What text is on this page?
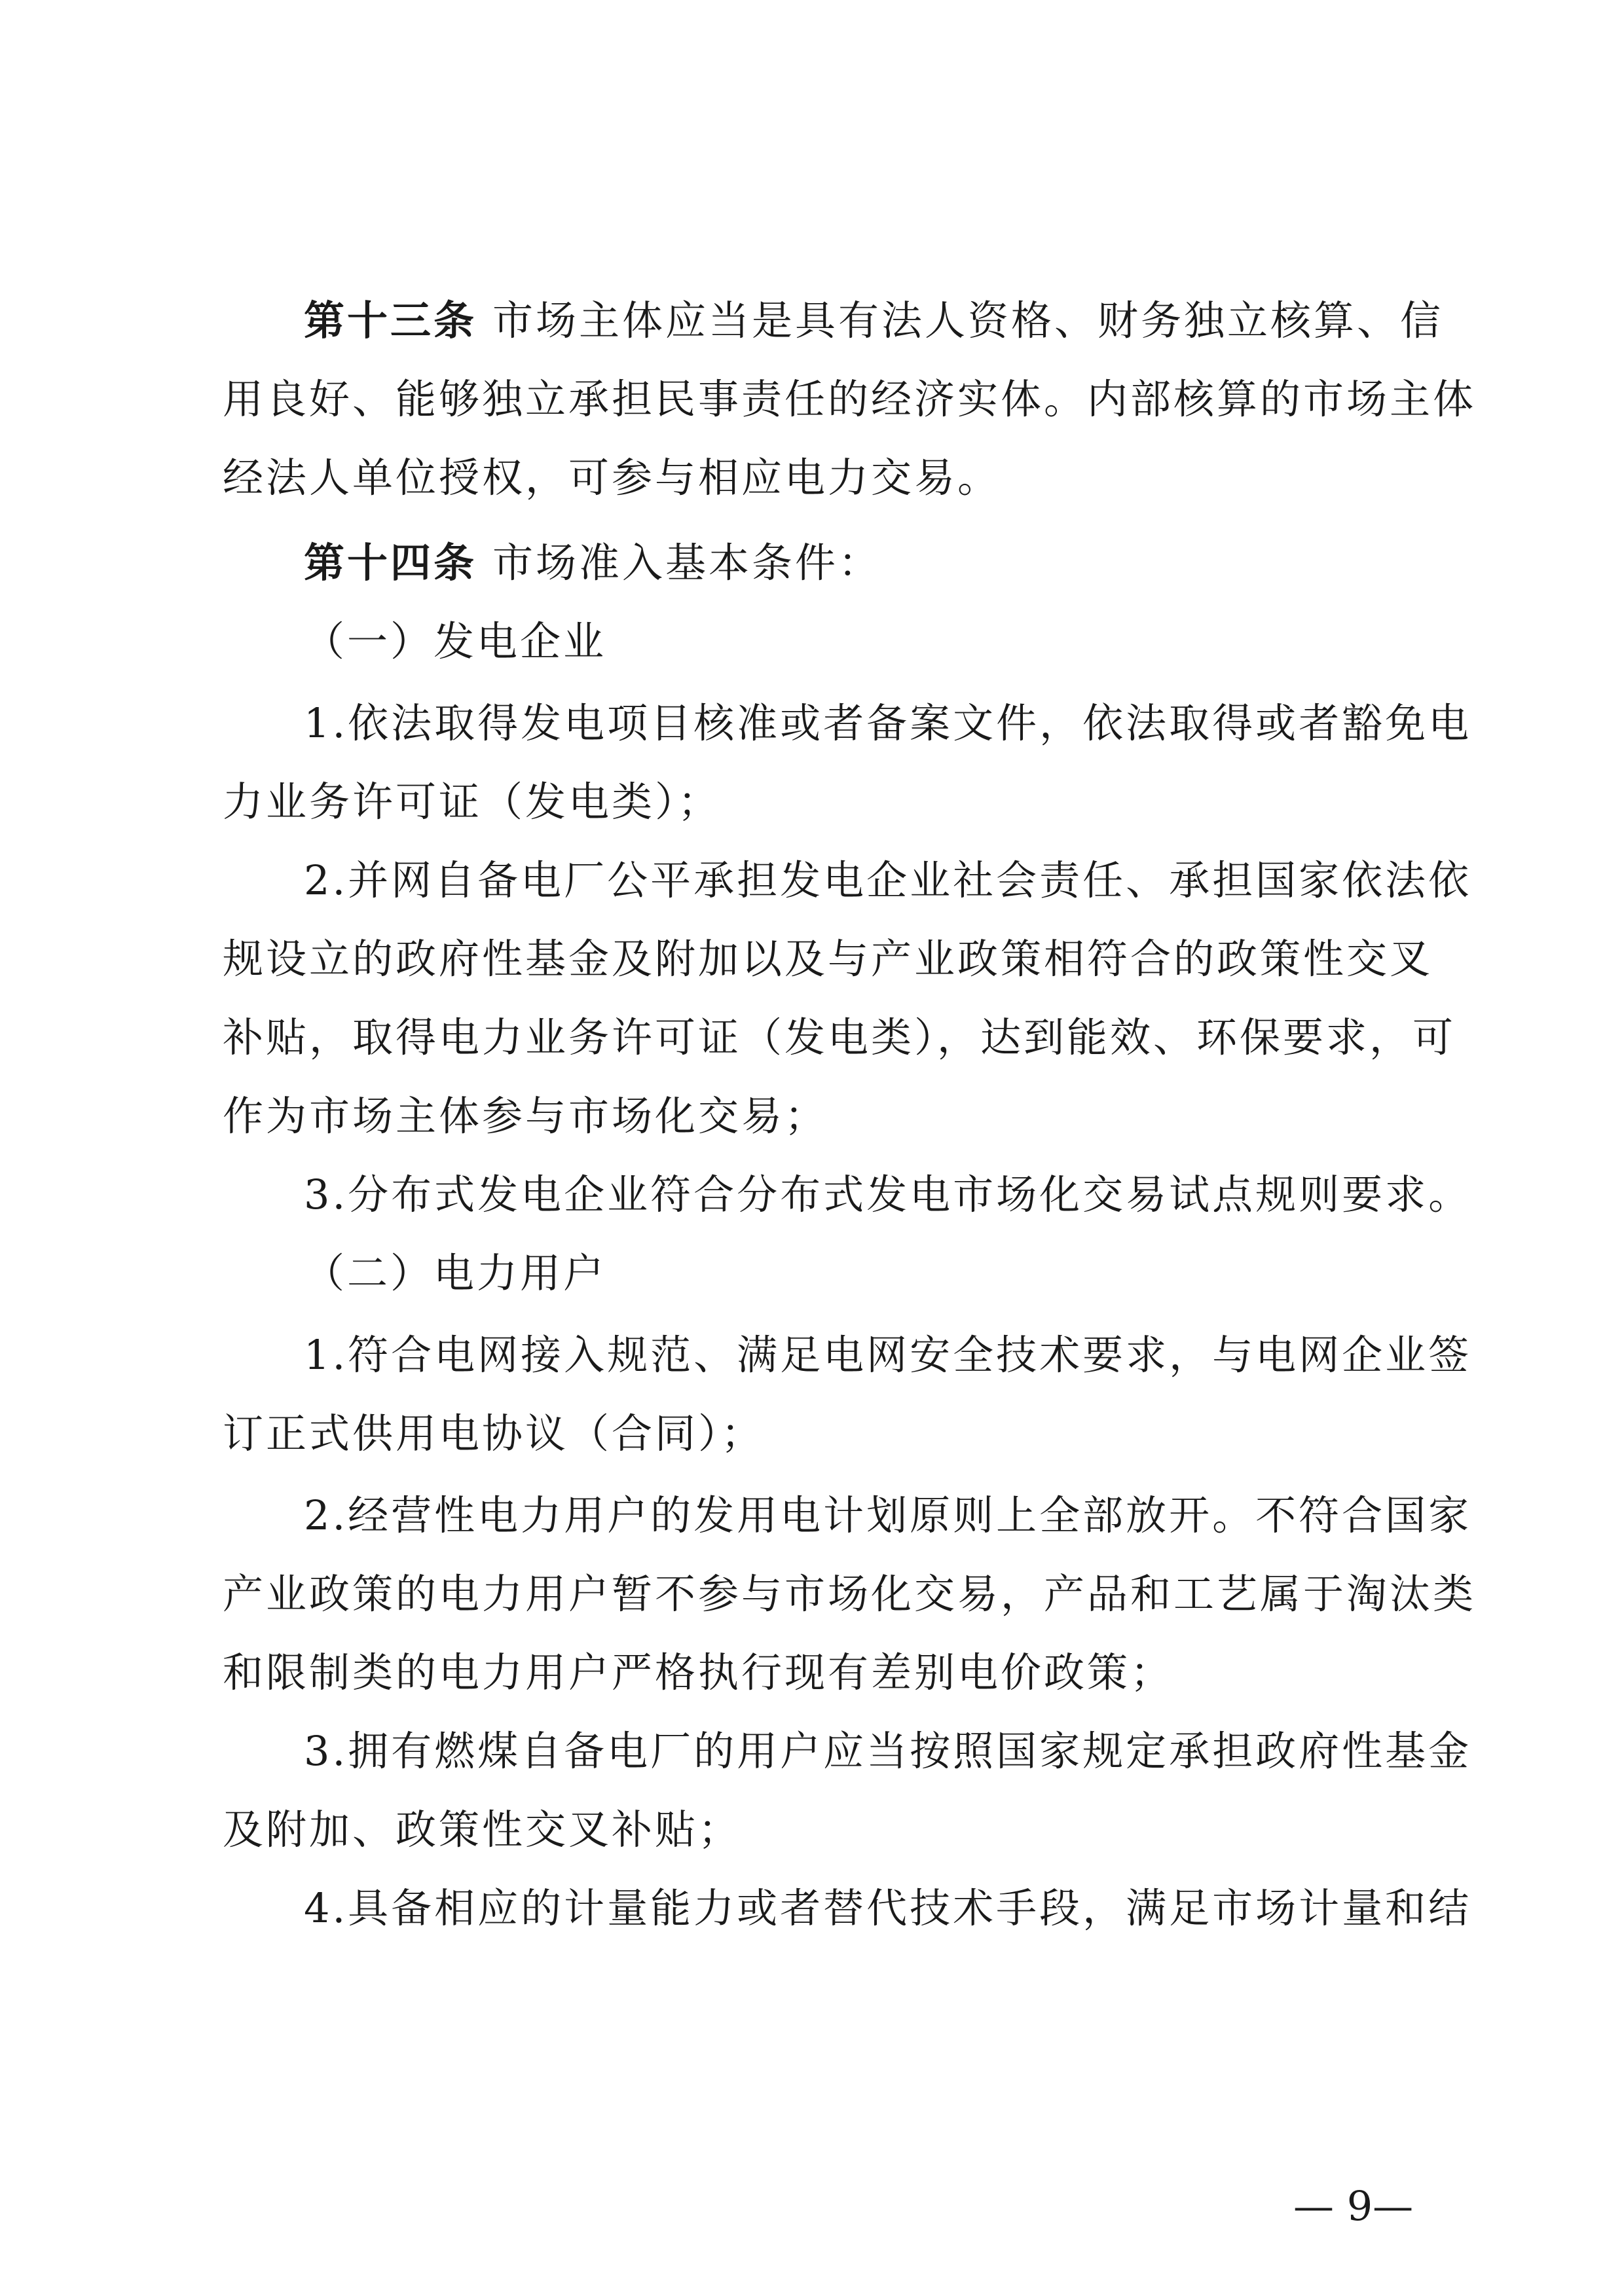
第十三条 市场主体应当是具有法人资格、财务独立核算、信
用良好、能够独立承担民事责任的经济实体。内部核算的市场主体
经法人单位授权，可参与相应电力交易。
第十四条 市场准入基本条件：
（一）发电企业
1.依法取得发电项目核准或者备案文件，依法取得或者豁免电
力业务许可证（发电类）；
2.并网自备电厂公平承担发电企业社会责任、承担国家依法依
规设立的政府性基金及附加以及与产业政策相符合的政策性交叉
补贴，取得电力业务许可证（发电类），达到能效、环保要求，可
作为市场主体参与市场化交易；
3.分布式发电企业符合分布式发电市场化交易试点规则要求。
（二）电力用户
1.符合电网接入规范、满足电网安全技术要求，与电网企业签
订正式供用电协议（合同）；
2.经营性电力用户的发用电计划原则上全部放开。不符合国家
产业政策的电力用户暂不参与市场化交易，产品和工艺属于淘汰类
和限制类的电力用户严格执行现有差别电价政策；
3.拥有燃煤自备电厂的用户应当按照国家规定承担政府性基金
及附加、政策性交叉补贴；
4.具备相应的计量能力或者替代技术手段，满足市场计量和结
— 9—
